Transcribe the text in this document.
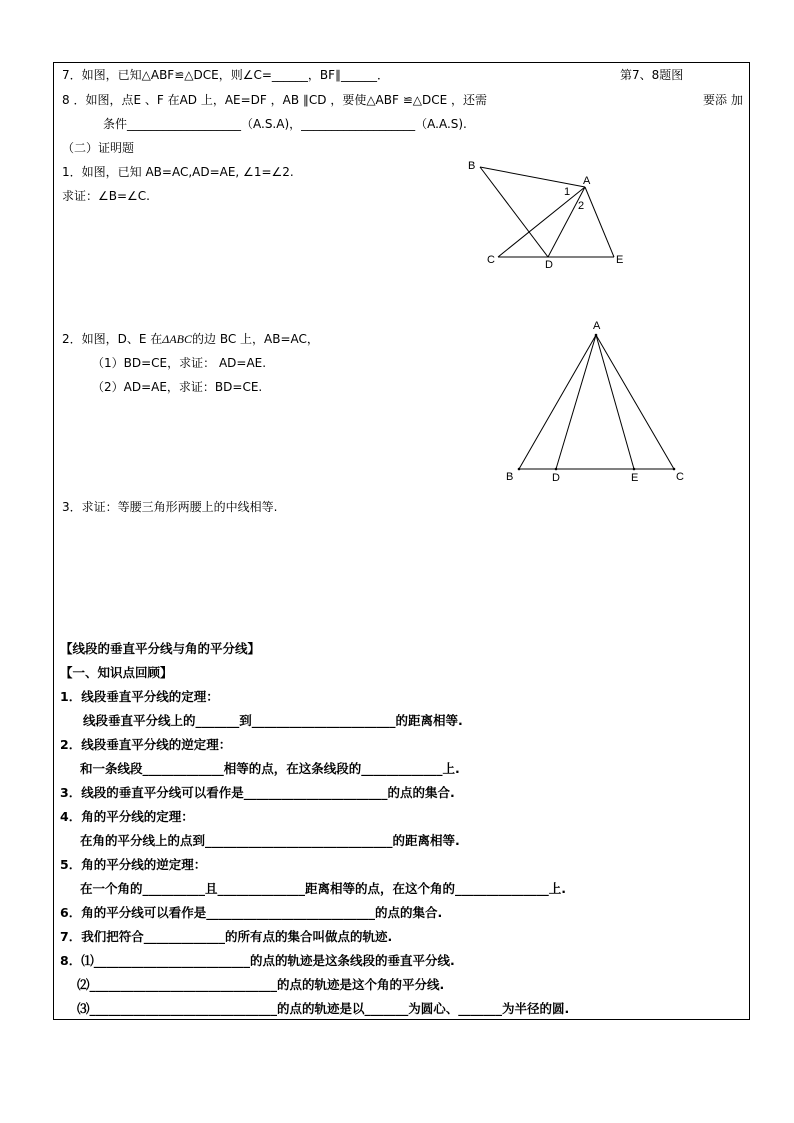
7．如图，已知△ABF≌△DCE，则∠C=______，BF∥______．	第7、8题图
8 ．如图，点E 、F 在AD 上，AE=DF ，AB ∥CD ，要使△ABF ≌△DCE ，还需	要添 加
条件___________________（A.S.A)，___________________（A.A.S).
（二）证明题
1．如图，已知 AB=AC,AD=AE, ∠1=∠2.
求证：∠B=∠C.
2．如图，D、E 在ΔABC的边 BC 上，AB=AC，
（1）BD=CE，求证： AD=AE.
（2）AD=AE，求证：BD=CE.
3．求证：等腰三角形两腰上的中线相等.
B
A
1
2
C	D	E
A
B	D	E	C
【线段的垂直平分线与角的平分线】
【一、知识点回顾】
1．线段垂直平分线的定理：
线段垂直平分线上的_______到_______________________的距离相等.
2．线段垂直平分线的逆定理：
和一条线段_____________相等的点，在这条线段的_____________上.
3．线段的垂直平分线可以看作是_______________________的点的集合.
4．角的平分线的定理：
在角的平分线上的点到______________________________的距离相等.
5．角的平分线的逆定理：
在一个角的__________且______________距离相等的点，在这个角的_______________上.
6．角的平分线可以看作是___________________________的点的集合.
7．我们把符合_____________的所有点的集合叫做点的轨迹.
8．⑴_________________________的点的轨迹是这条线段的垂直平分线.
⑵______________________________的点的轨迹是这个角的平分线.
⑶______________________________的点的轨迹是以_______为圆心、_______为半径的圆.
